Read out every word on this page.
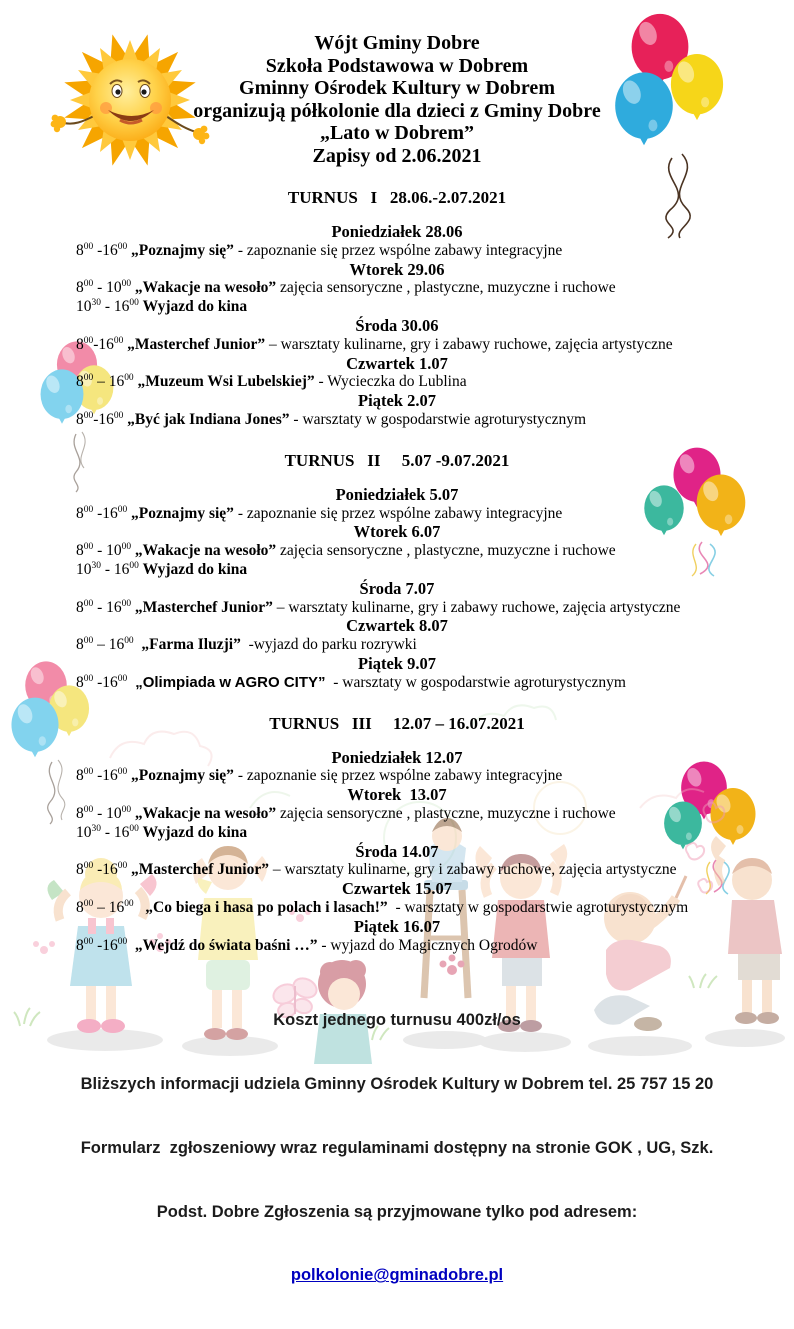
Wójt Gminy Dobre
Szkoła Podstawowa w Dobrem
Gminny Ośrodek Kultury w Dobrem
organizują półkolonie dla dzieci z Gminy Dobre
„Lato w Dobrem”
Zapisy od 2.06.2021
TURNUS   I   28.06.-2.07.2021
Poniedziałek 28.06
$8^{00}$ $-16^{00}$ „Poznajmy się” - zapoznanie się przez wspólne zabawy integracyjne
Wtorek 29.06
$8^{00} - 10^{00}$ „Wakacje na wesoło” zajęcia sensoryczne , plastyczne, muzyczne i ruchowe
$10^{30} - 16^{00}$ Wyjazd do kina
Środa 30.06
$8^{00}-16^{00}$ „Masterchef Junior” – warsztaty kulinarne, gry i zabawy ruchowe, zajęcia artystyczne
Czwartek 1.07
$8^{00} - 16^{00}$ „Muzeum Wsi Lubelskiej” - Wycieczka do Lublina
Piątek 2.07
$8^{00}-16^{00}$ „Być jak Indiana Jones” - warsztaty w gospodarstwie agroturystycznym
TURNUS   II     5.07 -9.07.2021
Poniedziałek 5.07
$8^{00}$ $-16^{00}$ „Poznajmy się” - zapoznanie się przez wspólne zabawy integracyjne
Wtorek 6.07
$8^{00} - 10^{00}$ „Wakacje na wesoło” zajęcia sensoryczne , plastyczne, muzyczne i ruchowe
$10^{30} - 16^{00}$ Wyjazd do kina
Środa 7.07
$8^{00} - 16^{00}$ „Masterchef Junior” – warsztaty kulinarne, gry i zabawy ruchowe, zajęcia artystyczne
Czwartek 8.07
$8^{00} - 16^{00}$  „Farma Iluzji”  -wyjazd do parku rozrywki
Piątek 9.07
$8^{00}$ $-16^{00}$  „Olimpiada w AGRO CITY”  - warsztaty w gospodarstwie agroturystycznym
TURNUS   III     12.07 – 16.07.2021
Poniedziałek 12.07
$8^{00}$ $-16^{00}$ „Poznajmy się” - zapoznanie się przez wspólne zabawy integracyjne
Wtorek  13.07
$8^{00} - 10^{00}$ „Wakacje na wesoło” zajęcia sensoryczne , plastyczne, muzyczne i ruchowe
$10^{30} - 16^{00}$ Wyjazd do kina
Środa 14.07
$8^{00}$ $-16^{00}$ „Masterchef Junior” – warsztaty kulinarne, gry i zabawy ruchowe, zajęcia artystyczne
Czwartek 15.07
$8^{00} - 16^{00}$   „Co biega i hasa po polach i lasach!”  - warsztaty w gospodarstwie agroturystycznym
Piątek 16.07
$8^{00}$ $-16^{00}$  „Wejdź do świata baśni …” - wyjazd do Magicznych Ogrodów

Koszt jednego turnusu 400zł/os

Bliższych informacji udziela Gminny Ośrodek Kultury w Dobrem tel. 25 757 15 20

Formularz  zgłoszeniowy wraz regulaminami dostępny na stronie GOK , UG, Szk.

Podst. Dobre Zgłoszenia są przyjmowane tylko pod adresem:

polkolonie@gminadobre.pl
